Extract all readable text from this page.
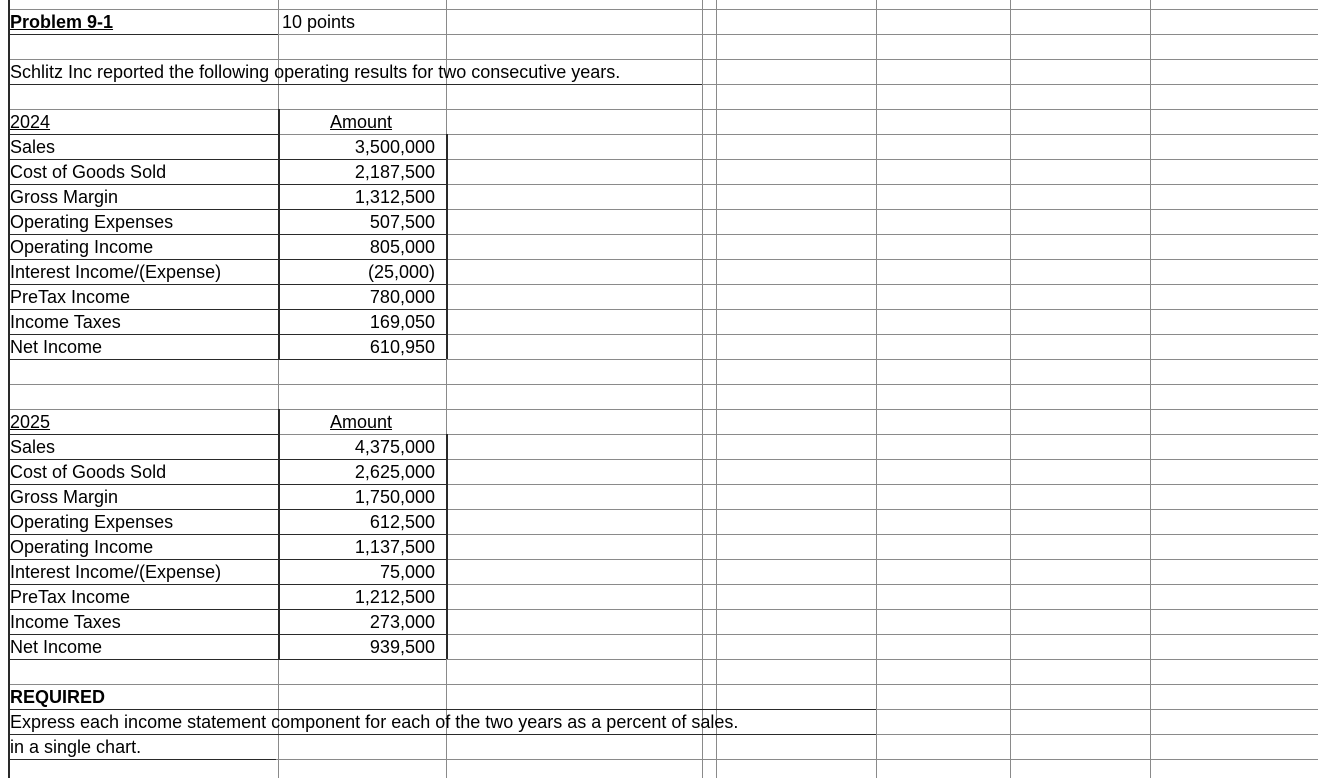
Problem 9-1	10 points
Schlitz Inc reported the following operating results for two consecutive years.
2024	Amount
Sales	3,500,000
Cost of Goods Sold	2,187,500
Gross Margin	1,312,500
Operating Expenses	507,500
Operating Income	805,000
Interest Income/(Expense)	(25,000)
PreTax Income	780,000
Income Taxes	169,050
Net Income	610,950
2025	Amount
Sales	4,375,000
Cost of Goods Sold	2,625,000
Gross Margin	1,750,000
Operating Expenses	612,500
Operating Income	1,137,500
Interest Income/(Expense)	75,000
PreTax Income	1,212,500
Income Taxes	273,000
Net Income	939,500
REQUIRED
Express each income statement component for each of the two years as a percent of sales.
in a single chart.
